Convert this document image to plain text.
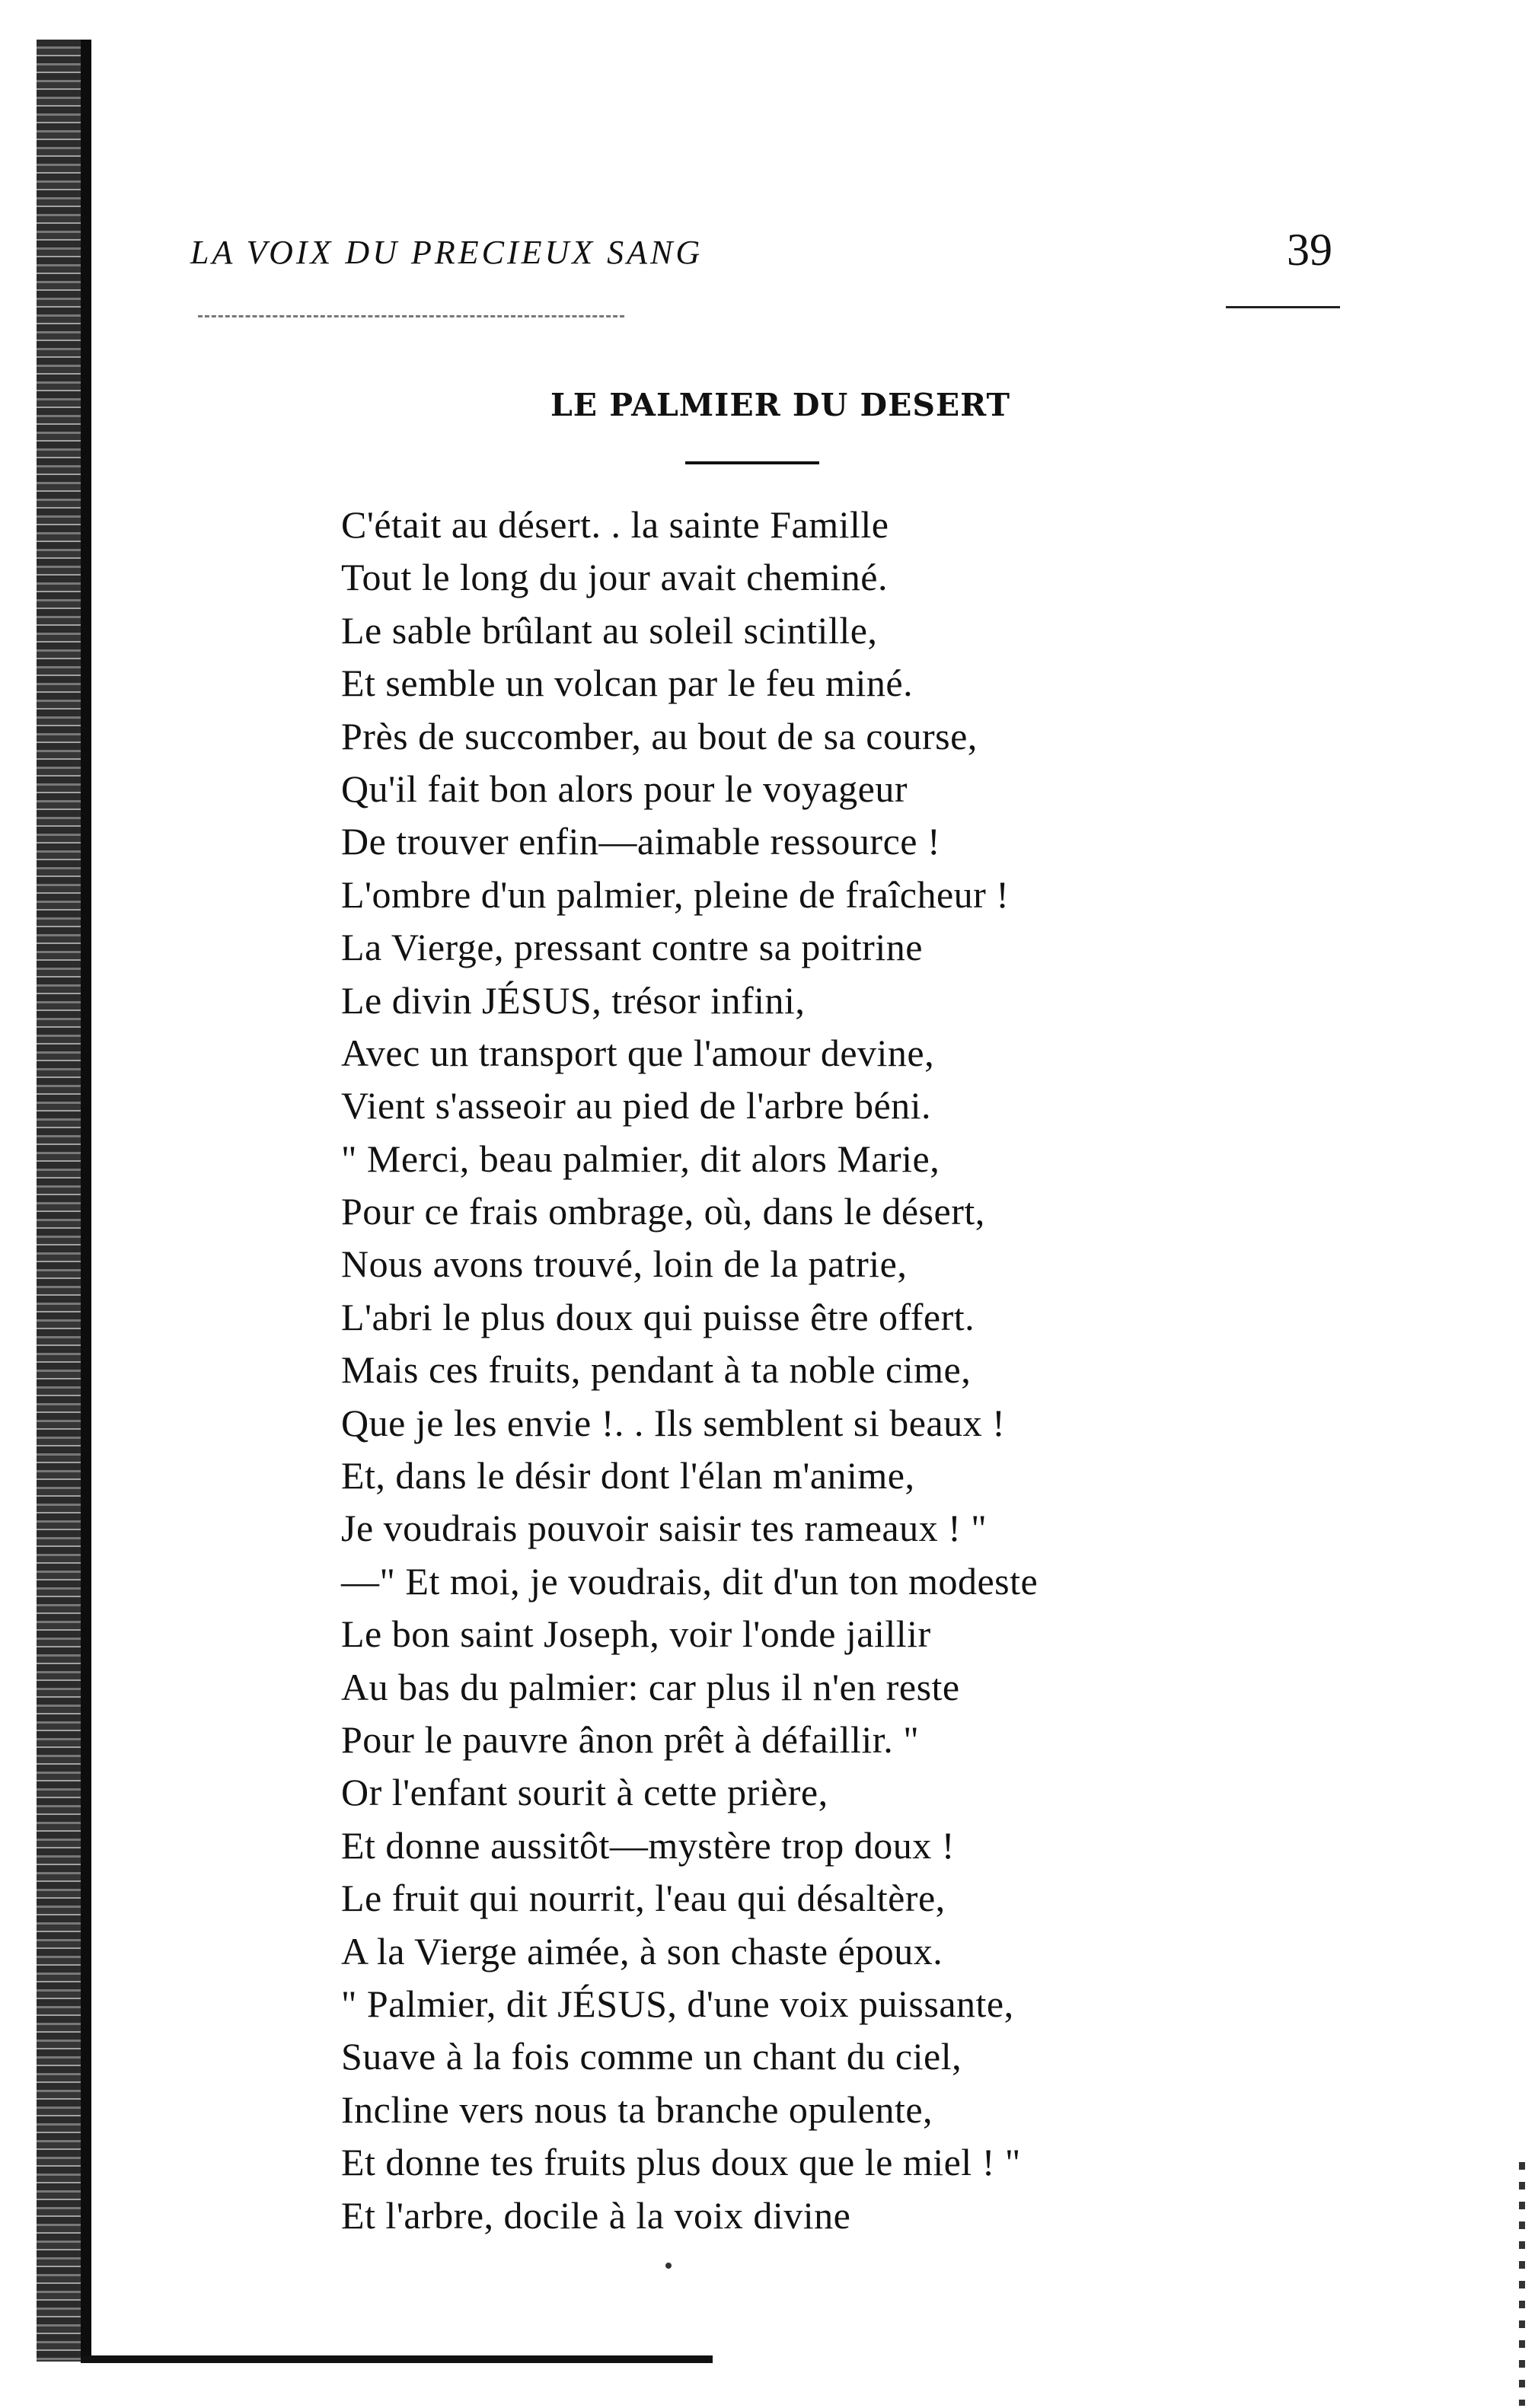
LA VOIX DU PRECIEUX SANG	39
LE PALMIER DU DESERT
C'était au désert. . la sainte Famille
Tout le long du jour avait cheminé.
Le sable brûlant au soleil scintille,
Et semble un volcan par le feu miné.
Près de succomber, au bout de sa course,
Qu'il fait bon alors pour le voyageur
De trouver enfin—aimable ressource !
L'ombre d'un palmier, pleine de fraîcheur !
La Vierge, pressant contre sa poitrine
Le divin JÉSUS, trésor infini,
Avec un transport que l'amour devine,
Vient s'asseoir au pied de l'arbre béni.
" Merci, beau palmier, dit alors Marie,
Pour ce frais ombrage, où, dans le désert,
Nous avons trouvé, loin de la patrie,
L'abri le plus doux qui puisse être offert.
Mais ces fruits, pendant à ta noble cime,
Que je les envie !. . Ils semblent si beaux !
Et, dans le désir dont l'élan m'anime,
Je voudrais pouvoir saisir tes rameaux ! "
—" Et moi, je voudrais, dit d'un ton modeste
Le bon saint Joseph, voir l'onde jaillir
Au bas du palmier: car plus il n'en reste
Pour le pauvre ânon prêt à défaillir. "
Or l'enfant sourit à cette prière,
Et donne aussitôt—mystère trop doux !
Le fruit qui nourrit, l'eau qui désaltère,
A la Vierge aimée, à son chaste époux.
" Palmier, dit JÉSUS, d'une voix puissante,
Suave à la fois comme un chant du ciel,
Incline vers nous ta branche opulente,
Et donne tes fruits plus doux que le miel ! "
Et l'arbre, docile à la voix divine
